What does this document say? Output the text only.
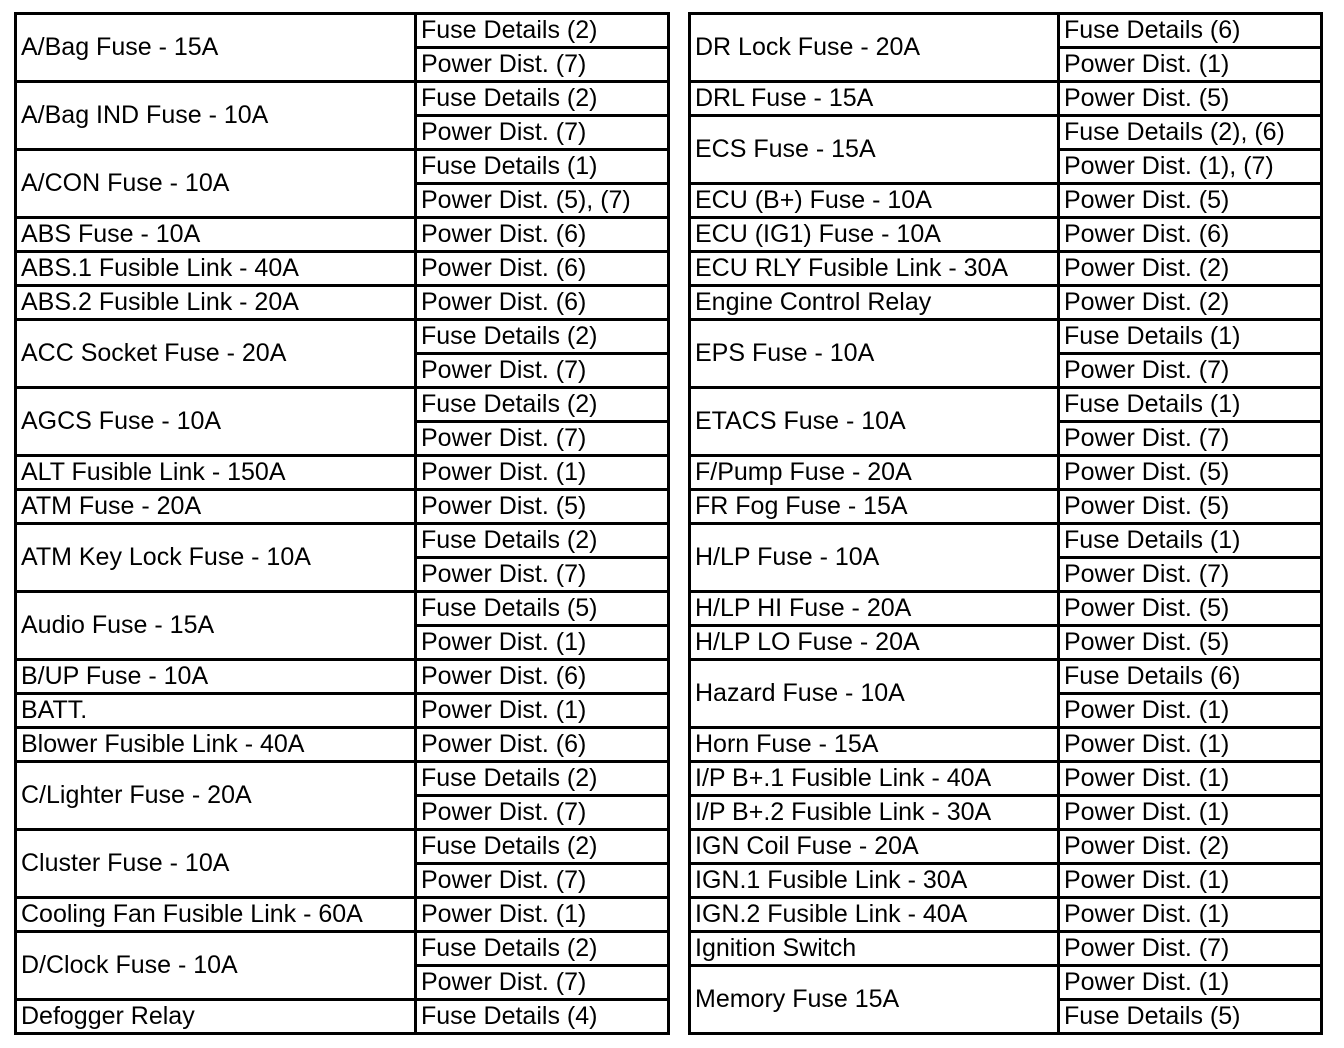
A/Bag Fuse - 15A	Fuse Details (2)
	Power Dist. (7)
A/Bag IND Fuse - 10A	Fuse Details (2)
	Power Dist. (7)
A/CON Fuse - 10A	Fuse Details (1)
	Power Dist. (5), (7)
ABS Fuse - 10A	Power Dist. (6)
ABS.1 Fusible Link - 40A	Power Dist. (6)
ABS.2 Fusible Link - 20A	Power Dist. (6)
ACC Socket Fuse - 20A	Fuse Details (2)
	Power Dist. (7)
AGCS Fuse - 10A	Fuse Details (2)
	Power Dist. (7)
ALT Fusible Link - 150A	Power Dist. (1)
ATM Fuse - 20A	Power Dist. (5)
ATM Key Lock Fuse - 10A	Fuse Details (2)
	Power Dist. (7)
Audio Fuse - 15A	Fuse Details (5)
	Power Dist. (1)
B/UP Fuse - 10A	Power Dist. (6)
BATT.	Power Dist. (1)
Blower Fusible Link - 40A	Power Dist. (6)
C/Lighter Fuse - 20A	Fuse Details (2)
	Power Dist. (7)
Cluster Fuse - 10A	Fuse Details (2)
	Power Dist. (7)
Cooling Fan Fusible Link - 60A	Power Dist. (1)
D/Clock Fuse - 10A	Fuse Details (2)
	Power Dist. (7)
Defogger Relay	Fuse Details (4)
DR Lock Fuse - 20A	Fuse Details (6)
	Power Dist. (1)
DRL Fuse - 15A	Power Dist. (5)
ECS Fuse - 15A	Fuse Details (2), (6)
	Power Dist. (1), (7)
ECU (B+) Fuse - 10A	Power Dist. (5)
ECU (IG1) Fuse - 10A	Power Dist. (6)
ECU RLY Fusible Link - 30A	Power Dist. (2)
Engine Control Relay	Power Dist. (2)
EPS Fuse - 10A	Fuse Details (1)
	Power Dist. (7)
ETACS Fuse - 10A	Fuse Details (1)
	Power Dist. (7)
F/Pump Fuse - 20A	Power Dist. (5)
FR Fog Fuse - 15A	Power Dist. (5)
H/LP Fuse - 10A	Fuse Details (1)
	Power Dist. (7)
H/LP HI Fuse - 20A	Power Dist. (5)
H/LP LO Fuse - 20A	Power Dist. (5)
Hazard Fuse - 10A	Fuse Details (6)
	Power Dist. (1)
Horn Fuse - 15A	Power Dist. (1)
I/P B+.1 Fusible Link - 40A	Power Dist. (1)
I/P B+.2 Fusible Link - 30A	Power Dist. (1)
IGN Coil Fuse - 20A	Power Dist. (2)
IGN.1 Fusible Link - 30A	Power Dist. (1)
IGN.2 Fusible Link - 40A	Power Dist. (1)
Ignition Switch	Power Dist. (7)
Memory Fuse 15A	Power Dist. (1)
	Fuse Details (5)
